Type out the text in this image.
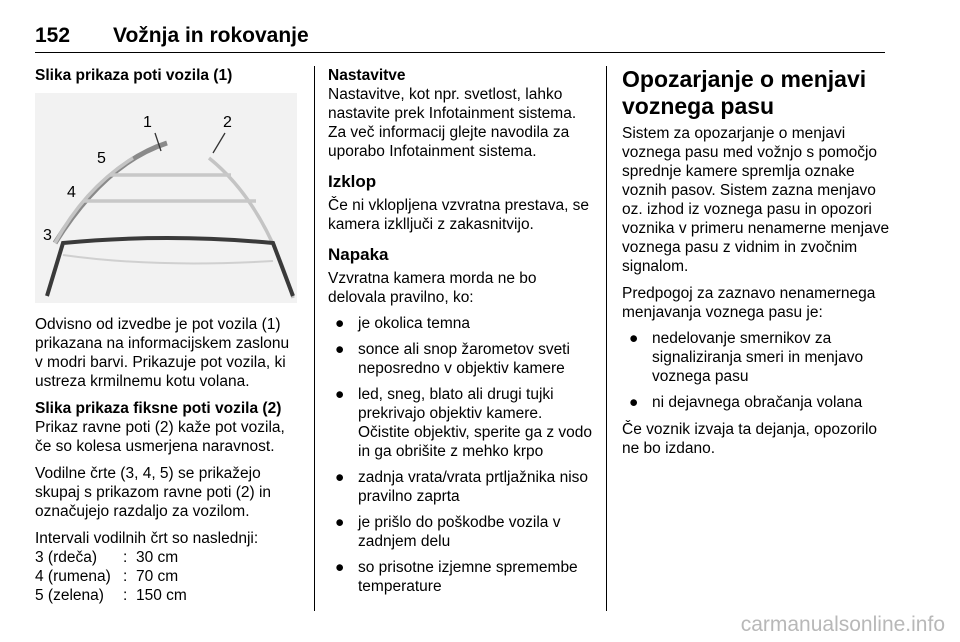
152 Vožnja in rokovanje

Slika prikaza poti vozila (1)

1	2
3
4
5

Odvisno od izvedbe je pot vozila (1) prikazana na informacijskem zaslonu v modri barvi. Prikazuje pot vozila, ki ustreza krmilnemu kotu volana.

Slika prikaza fiksne poti vozila (2)

Prikaz ravne poti (2) kaže pot vozila, če so kolesa usmerjena naravnost.

Vodilne črte (3, 4, 5) se prikažejo skupaj s prikazom ravne poti (2) in označujejo razdaljo za vozilom.

Intervali vodilnih črt so naslednji:

3 (rdeča)	:	30 cm
4 (rumena)	:	70 cm
5 (zelena)	:	150 cm

Nastavitve

Nastavitve, kot npr. svetlost, lahko nastavite prek Infotainment sistema. Za več informacij glejte navodila za uporabo Infotainment sistema.

Izklop

Če ni vklopljena vzvratna prestava, se kamera izklljuči z zakasnitvijo.

Napaka

Vzvratna kamera morda ne bo delovala pravilno, ko:

● je okolica temna
● sonce ali snop žarometov sveti neposredno v objektiv kamere
● led, sneg, blato ali drugi tujki prekrivajo objektiv kamere. Očistite objektiv, sperite ga z vodo in ga obrišite z mehko krpo
● zadnja vrata/vrata prtljažnika niso pravilno zaprta
● je prišlo do poškodbe vozila v zadnjem delu
● so prisotne izjemne spremembe temperature

Opozarjanje o menjavi voznega pasu

Sistem za opozarjanje o menjavi voznega pasu med vožnjo s pomočjo sprednje kamere spremlja oznake voznih pasov. Sistem zazna menjavo oz. izhod iz voznega pasu in opozori voznika v primeru nenamerne menjave voznega pasu z vidnim in zvočnim signalom.

Predpogoj za zaznavo nenamernega menjavanja voznega pasu je:

● nedelovanje smernikov za signaliziranja smeri in menjavo voznega pasu
● ni dejavnega obračanja volana

Če voznik izvaja ta dejanja, opozorilo ne bo izdano.

carmanualsonline.info
